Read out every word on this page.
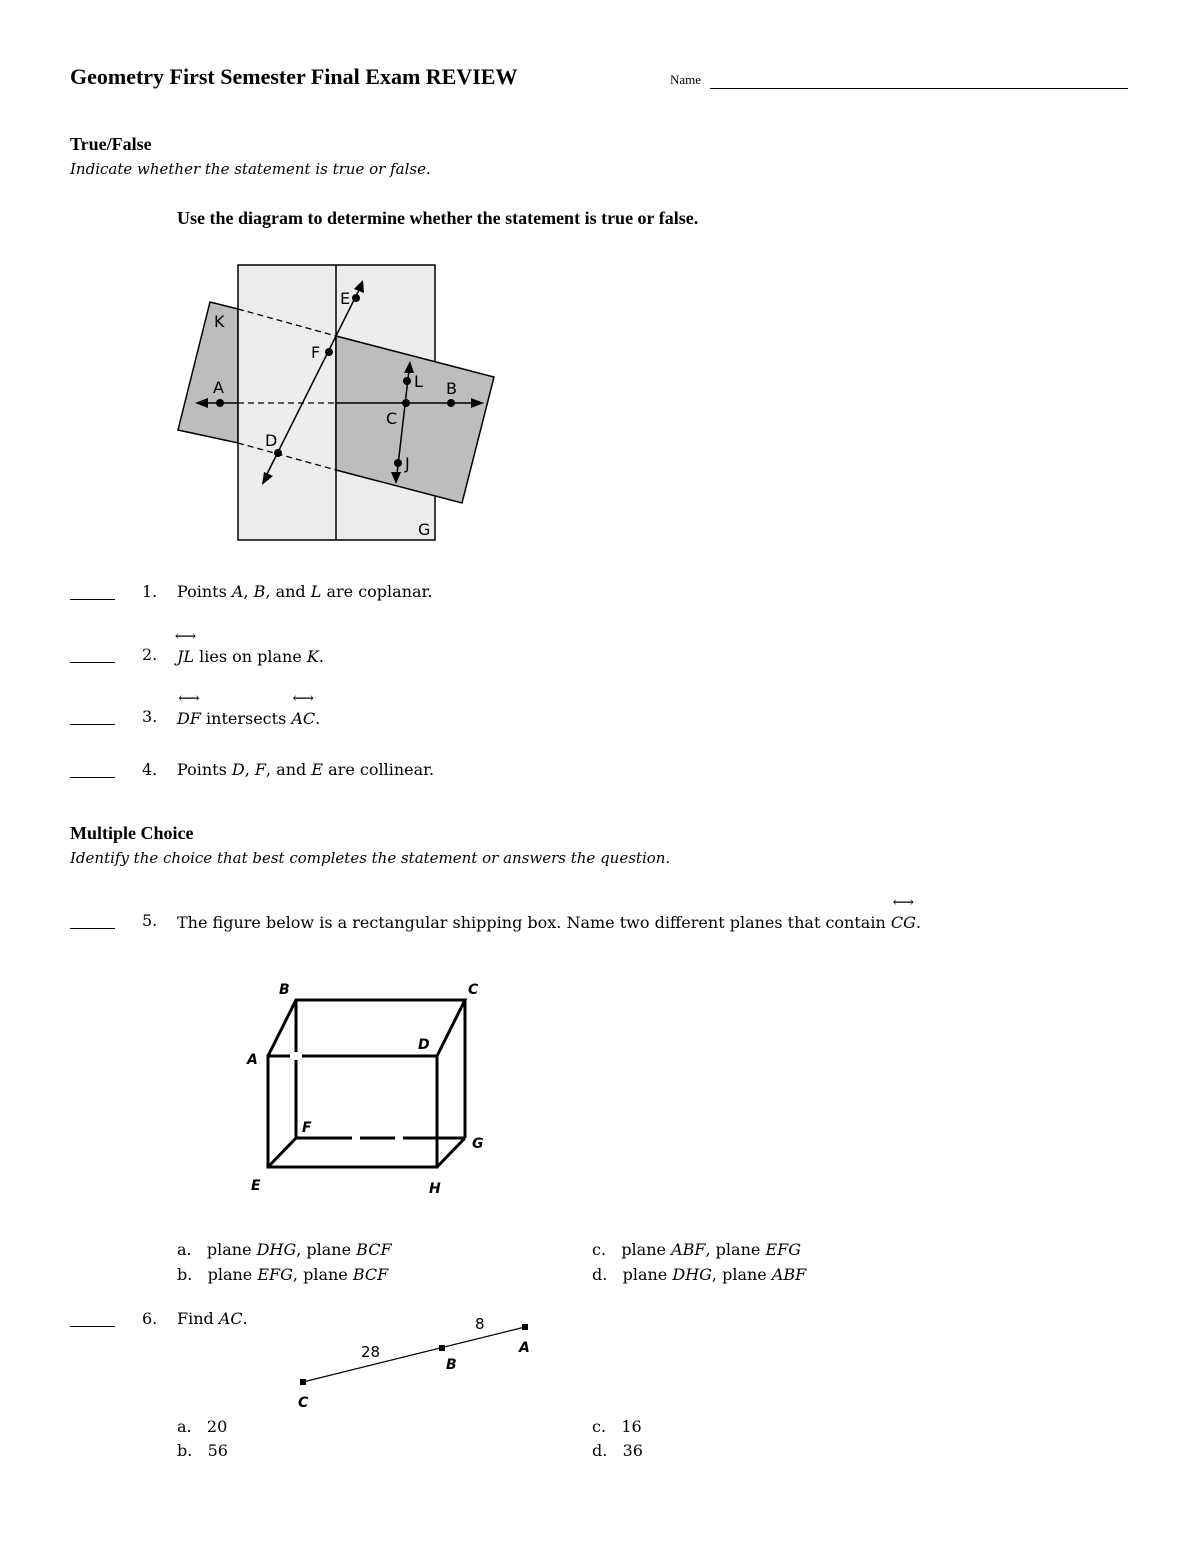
Geometry First Semester Final Exam REVIEW	Name
True/False
Indicate whether the statement is true or false.
Use the diagram to determine whether the statement is true or false.
K
E
F
L
A	B
C
D
J
G
1. Points A, B, and L are coplanar.
2. ⟷ JL lies on plane K.
3. ⟷ DF intersects ⟷ AC.
4. Points D, F, and E are collinear.
Multiple Choice
Identify the choice that best completes the statement or answers the question.
5. The figure below is a rectangular shipping box. Name two different planes that contain ⟷ CG.
B	C
A
D
F
G
E	H
a. plane DHG, plane BCF
b. plane EFG, plane BCF
c. plane ABF, plane EFG
d. plane DHG, plane ABF
6. Find AC.	8
28	A
B
C
a. 20
b. 56
c. 16
d. 36
